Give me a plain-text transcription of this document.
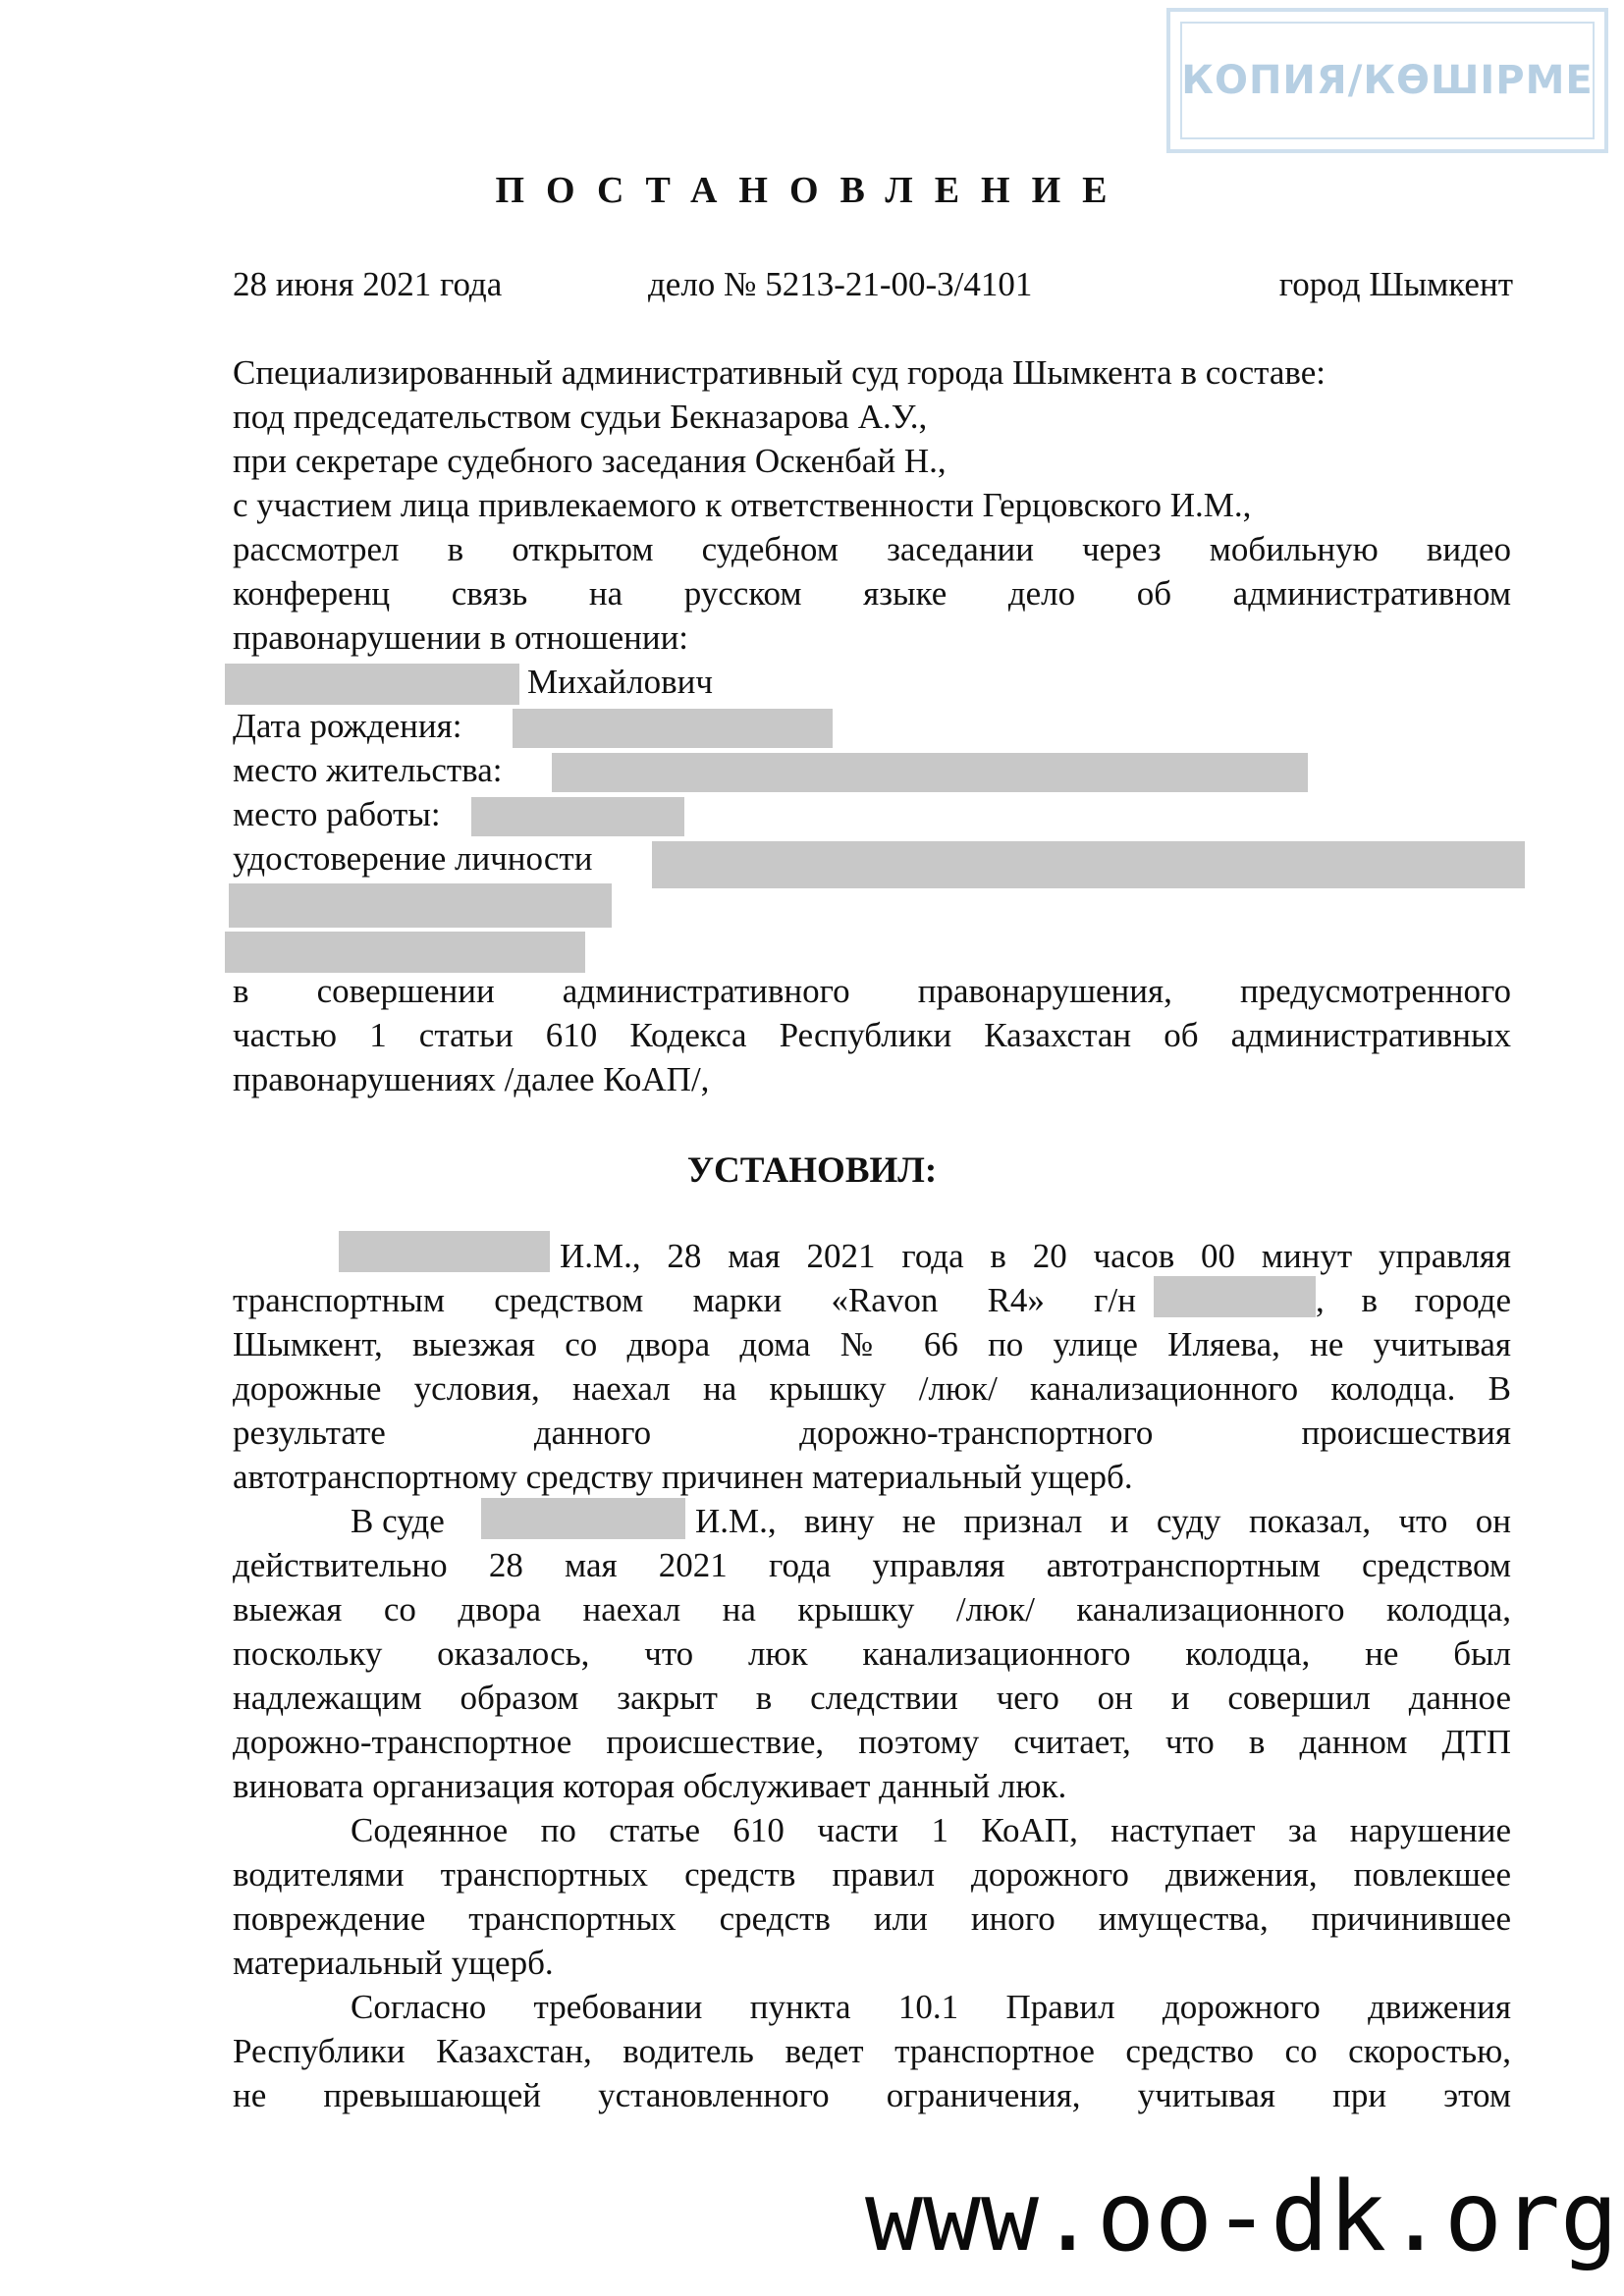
КОПИЯ/КӨШІРМЕ
ПОСТАНОВЛЕНИЕ
28 июня 2021 года	дело № 5213-21-00-3/4101	город Шымкент
Специализированный административный суд города Шымкента в составе:
под председательством судьи Бекназарова А.У.,
при секретаре судебного заседания Оскенбай Н.,
с участием лица привлекаемого к ответственности Герцовского И.М.,
рассмотрел в открытом судебном заседании через мобильную видео
конференц связь на русском языке дело об административном
правонарушении в отношении:
Михайлович
Дата рождения:
место жительства:
место работы:
удостоверение личности
в совершении административного правонарушения, предусмотренного
частью 1 статьи 610 Кодекса Республики Казахстан об административных
правонарушениях /далее КоАП/,
УСТАНОВИЛ:
И.М., 28 мая 2021 года в 20 часов 00 минут управляя
транспортным средством марки «Ravon R4» г/н	, в городе
Шымкент, выезжая со двора дома № 66 по улице Иляева, не учитывая
дорожные условия, наехал на крышку /люк/ канализационного колодца. В
результате данного дорожно-транспортного происшествия
автотранспортному средству причинен материальный ущерб.
В суде	И.М., вину не признал и суду показал, что он
действительно 28 мая 2021 года управляя автотранспортным средством
выежая со двора наехал на крышку /люк/ канализационного колодца,
поскольку оказалось, что люк канализационного колодца, не был
надлежащим образом закрыт в следствии чего он и совершил данное
дорожно-транспортное происшествие, поэтому считает, что в данном ДТП
виновата организация которая обслуживает данный люк.
Содеянное по статье 610 части 1 КоАП, наступает за нарушение
водителями транспортных средств правил дорожного движения, повлекшее
повреждение транспортных средств или иного имущества, причинившее
материальный ущерб.
Согласно требовании пункта 10.1 Правил дорожного движения
Республики Казахстан, водитель ведет транспортное средство со скоростью,
не превышающей установленного ограничения, учитывая при этом
www.oo-dk.org
